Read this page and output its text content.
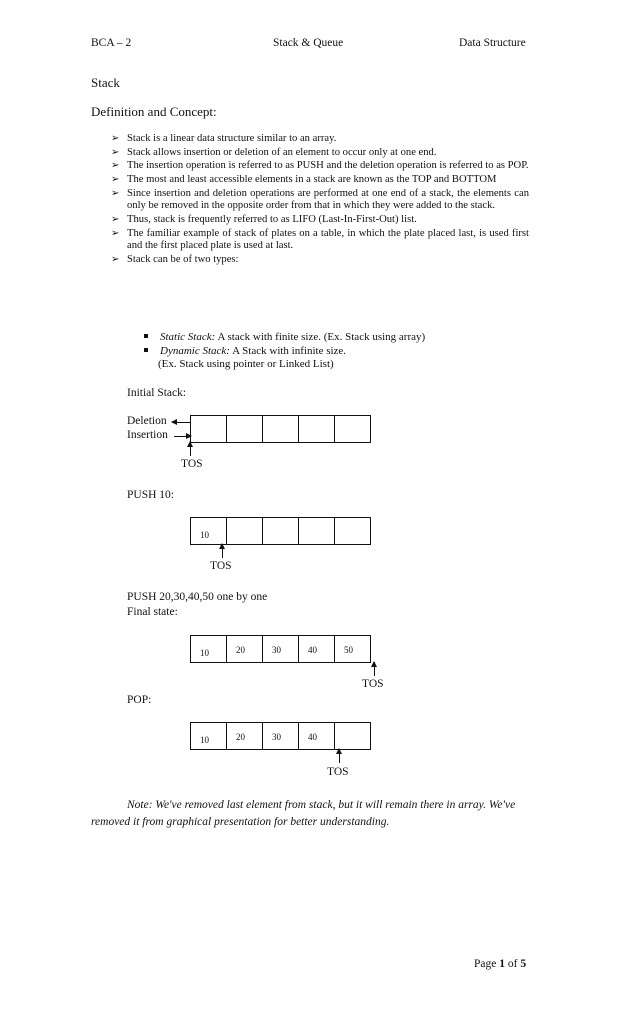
BCA – 2	Stack & Queue	Data Structure
Stack
Definition and Concept:
➢ Stack is a linear data structure similar to an array.
➢ Stack allows insertion or deletion of an element to occur only at one end.
➢ The insertion operation is referred to as PUSH and the deletion operation is referred to as POP.
➢ The most and least accessible elements in a stack are known as the TOP and BOTTOM
➢ Since insertion and deletion operations are performed at one end of a stack, the elements can only be removed in the opposite order from that in which they were added to the stack.
➢ Thus, stack is frequently referred to as LIFO (Last-In-First-Out) list.
➢ The familiar example of stack of plates on a table, in which the plate placed last, is used first and the first placed plate is used at last.
➢ Stack can be of two types:
Static Stack: A stack with finite size. (Ex. Stack using array)
Dynamic Stack: A Stack with infinite size.
(Ex. Stack using pointer or Linked List)
Initial Stack:
Deletion
Insertion
TOS
PUSH 10:
10
TOS
PUSH 20,30,40,50 one by one
Final state:
10	20	30	40	50
TOS
POP:
10	20	30	40
TOS
Note: We've removed last element from stack, but it will remain there in array. We've removed it from graphical presentation for better understanding.
Page 1 of 5
